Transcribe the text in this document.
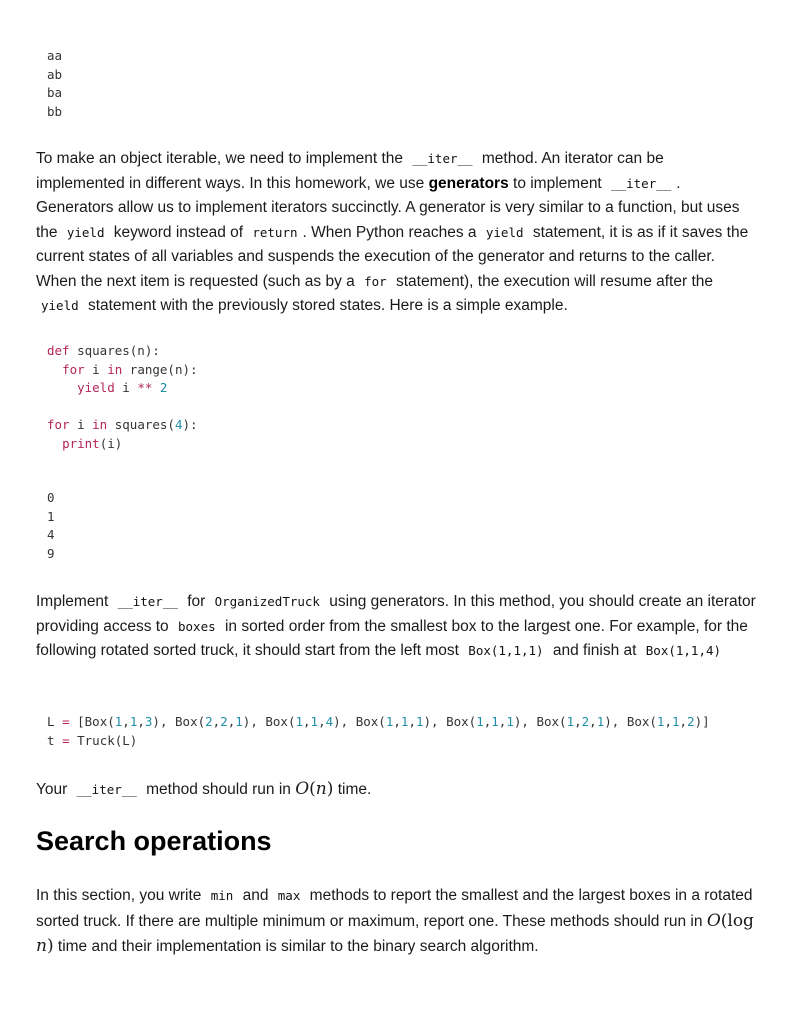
aa
ab
ba
bb

To make an object iterable, we need to implement the __iter__ method. An iterator can be implemented in different ways. In this homework, we use generators to implement __iter__ . Generators allow us to implement iterators succinctly. A generator is very similar to a function, but uses the yield keyword instead of return . When Python reaches a yield statement, it is as if it saves the current states of all variables and suspends the execution of the generator and returns to the caller. When the next item is requested (such as by a for statement), the execution will resume after the yield statement with the previously stored states. Here is a simple example.

def squares(n):
for i in range(n):
yield i ** 2

for i in squares(4):
print(i)
0
1
4
9

Implement __iter__ for OrganizedTruck using generators. In this method, you should create an iterator providing access to boxes in sorted order from the smallest box to the largest one. For example, for the following rotated sorted truck, it should start from the left most Box(1,1,1) and finish at Box(1,1,4)

L = [Box(1,1,3), Box(2,2,1), Box(1,1,4), Box(1,1,1), Box(1,1,1), Box(1,2,1), Box(1,1,2)]
t = Truck(L)

Your __iter__ method should run in O(n) time.

Search operations

In this section, you write min and max methods to report the smallest and the largest boxes in a rotated sorted truck. If there are multiple minimum or maximum, report one. These methods should run in O(log n) time and their implementation is similar to the binary search algorithm.
